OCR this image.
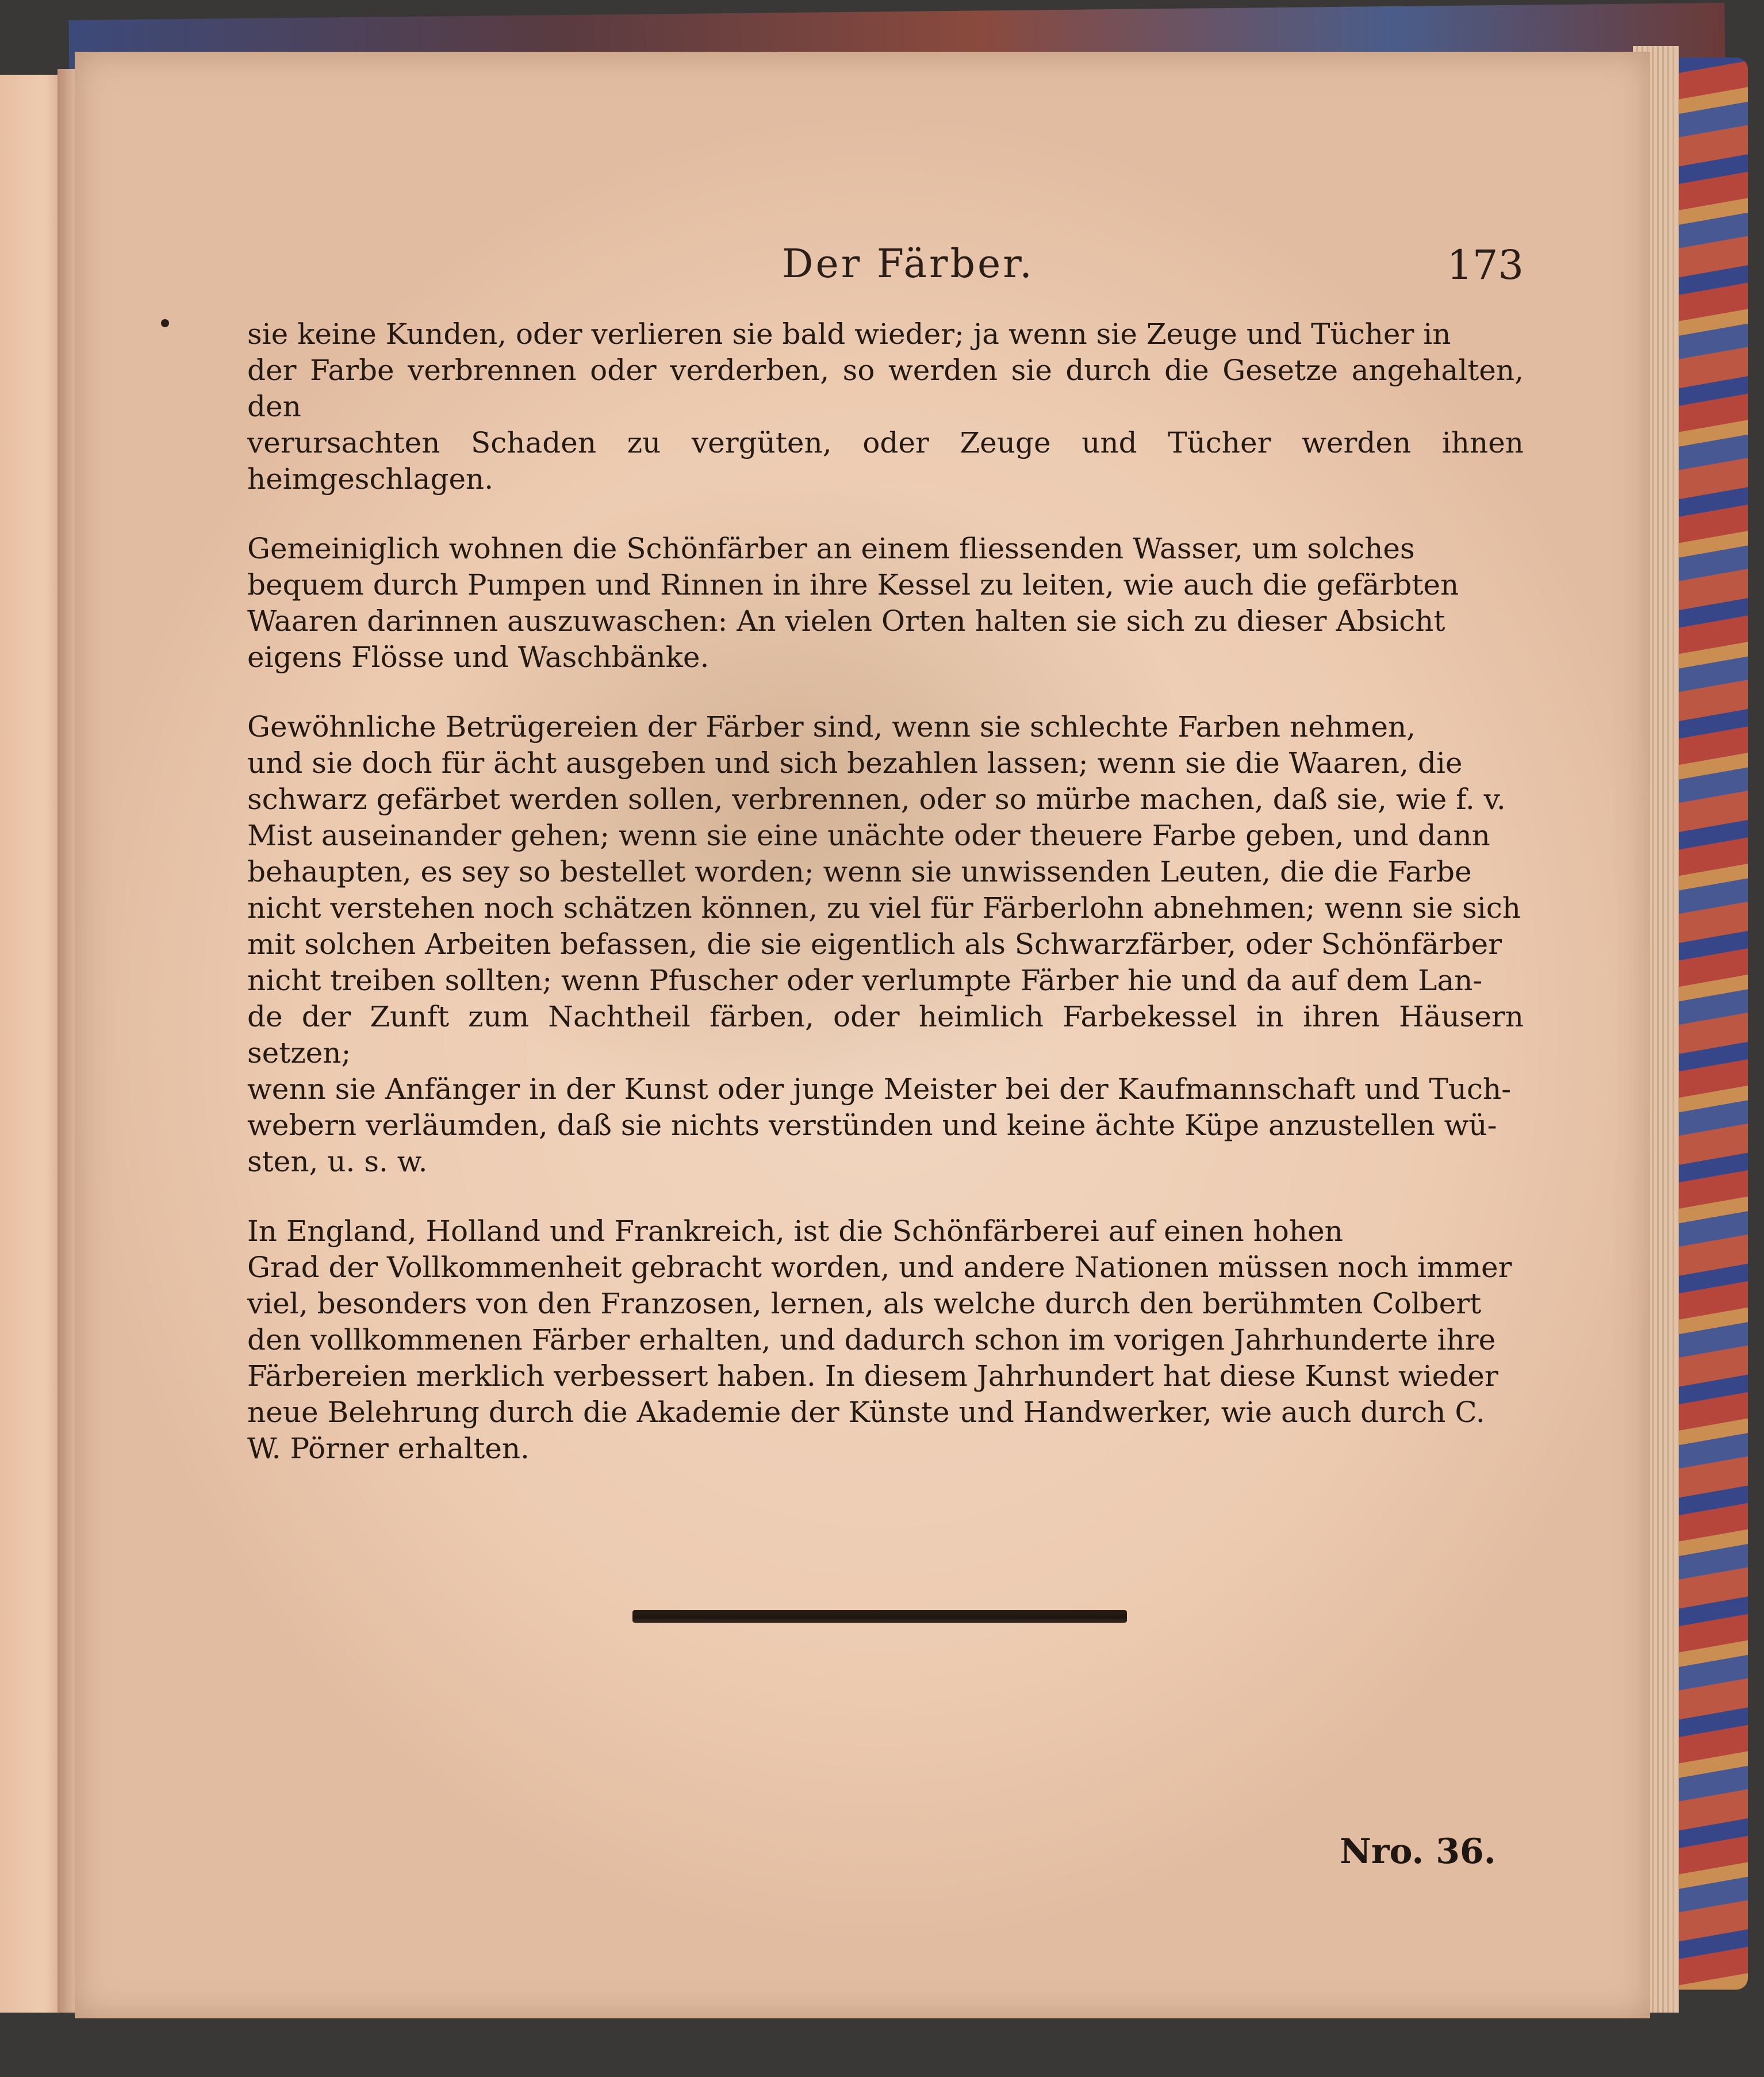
Der Färber.	173

sie keine Kunden, oder verlieren sie bald wieder; ja wenn sie Zeuge und Tücher in
der Farbe verbrennen oder verderben, so werden sie durch die Gesetze angehalten, den
verursachten Schaden zu vergüten, oder Zeuge und Tücher werden ihnen heimgeschlagen.

Gemeiniglich wohnen die Schönfärber an einem fliessenden Wasser, um solches
bequem durch Pumpen und Rinnen in ihre Kessel zu leiten, wie auch die gefärbten
Waaren darinnen auszuwaschen: An vielen Orten halten sie sich zu dieser Absicht
eigens Flösse und Waschbänke.

Gewöhnliche Betrügereien der Färber sind, wenn sie schlechte Farben nehmen,
und sie doch für ächt ausgeben und sich bezahlen lassen; wenn sie die Waaren, die
schwarz gefärbet werden sollen, verbrennen, oder so mürbe machen, daß sie, wie f. v.
Mist auseinander gehen; wenn sie eine unächte oder theuere Farbe geben, und dann
behaupten, es sey so bestellet worden; wenn sie unwissenden Leuten, die die Farbe
nicht verstehen noch schätzen können, zu viel für Färberlohn abnehmen; wenn sie sich
mit solchen Arbeiten befassen, die sie eigentlich als Schwarzfärber, oder Schönfärber
nicht treiben sollten; wenn Pfuscher oder verlumpte Färber hie und da auf dem Lan-
de der Zunft zum Nachtheil färben, oder heimlich Farbekessel in ihren Häusern setzen;
wenn sie Anfänger in der Kunst oder junge Meister bei der Kaufmannschaft und Tuch-
webern verläumden, daß sie nichts verstünden und keine ächte Küpe anzustellen wü-
sten, u. s. w.

In England, Holland und Frankreich, ist die Schönfärberei auf einen hohen
Grad der Vollkommenheit gebracht worden, und andere Nationen müssen noch immer
viel, besonders von den Franzosen, lernen, als welche durch den berühmten Colbert
den vollkommenen Färber erhalten, und dadurch schon im vorigen Jahrhunderte ihre
Färbereien merklich verbessert haben. In diesem Jahrhundert hat diese Kunst wieder
neue Belehrung durch die Akademie der Künste und Handwerker, wie auch durch C.
W. Pörner erhalten.

Nro. 36.
